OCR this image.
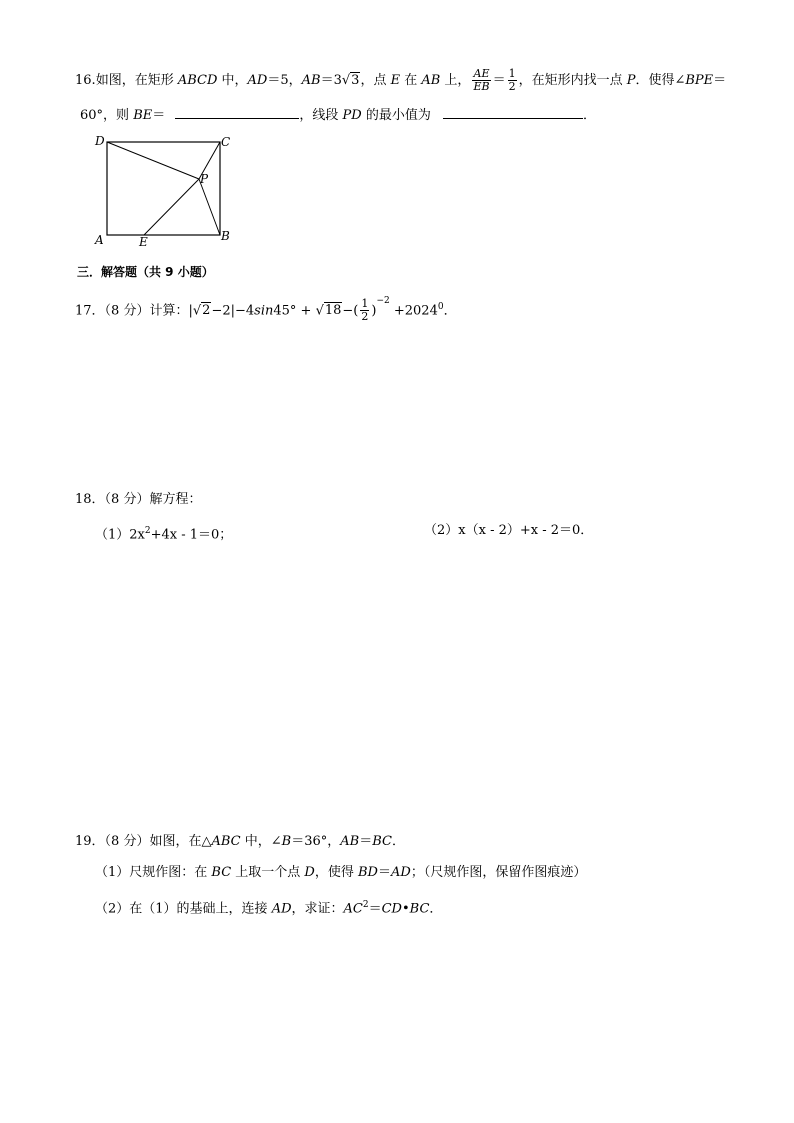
16.如图，在矩形 ABCD 中，AD＝5，AB＝3√3，点 E 在 AB 上， $\frac{AE}{EB} = \frac{1}{2}$ ，在矩形内找一点 P．使得∠BPE＝
60°，则 BE＝	，线段 PD 的最小值为	．
D	C
P
A	E	B
三．解答题（共 9 小题）
17．（8 分）计算：$|√2-2|-4\sin 45^\circ + √18-( \frac{1}{2} )^{-2} +2024^0$．
18．（8 分）解方程：
$(1)2x^2+4x - 1=0$；	（2）x（x - 2）+x - 2＝0．
19．（8 分）如图，在△ABC 中，∠B＝36°，AB＝BC．
（1）尺规作图：在 BC 上取一个点 D，使得 BD＝AD；（尺规作图，保留作图痕迹）
（2）在（1）的基础上，连接 AD，求证：$AC^2=CD•BC$．
